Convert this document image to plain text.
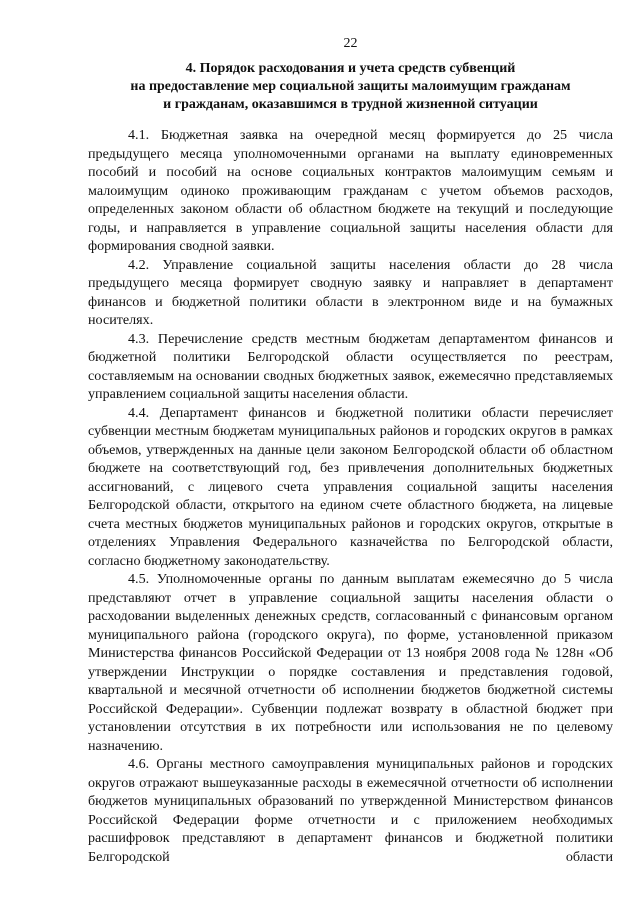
22
4. Порядок расходования и учета средств субвенций
на предоставление мер социальной защиты малоимущим гражданам
и гражданам, оказавшимся в трудной жизненной ситуации

4.1. Бюджетная заявка на очередной месяц формируется до 25 числа предыдущего месяца уполномоченными органами на выплату единовременных пособий и пособий на основе социальных контрактов малоимущим семьям и малоимущим одиноко проживающим гражданам с учетом объемов расходов, определенных законом области об областном бюджете на текущий и последующие годы, и направляется в управление социальной защиты населения области для формирования сводной заявки.

4.2. Управление социальной защиты населения области до 28 числа предыдущего месяца формирует сводную заявку и направляет в департамент финансов и бюджетной политики области в электронном виде и на бумажных носителях.

4.3. Перечисление средств местным бюджетам департаментом финансов и бюджетной политики Белгородской области осуществляется по реестрам, составляемым на основании сводных бюджетных заявок, ежемесячно представляемых управлением социальной защиты населения области.

4.4. Департамент финансов и бюджетной политики области перечисляет субвенции местным бюджетам муниципальных районов и городских округов в рамках объемов, утвержденных на данные цели законом Белгородской области об областном бюджете на соответствующий год, без привлечения дополнительных бюджетных ассигнований, с лицевого счета управления социальной защиты населения Белгородской области, открытого на едином счете областного бюджета, на лицевые счета местных бюджетов муниципальных районов и городских округов, открытые в отделениях Управления Федерального казначейства по Белгородской области, согласно бюджетному законодательству.

4.5. Уполномоченные органы по данным выплатам ежемесячно до 5 числа представляют отчет в управление социальной защиты населения области о расходовании выделенных денежных средств, согласованный с финансовым органом муниципального района (городского округа), по форме, установленной приказом Министерства финансов Российской Федерации от 13 ноября 2008 года № 128н «Об утверждении Инструкции о порядке составления и представления годовой, квартальной и месячной отчетности об исполнении бюджетов бюджетной системы Российской Федерации». Субвенции подлежат возврату в областной бюджет при установлении отсутствия в их потребности или использования не по целевому назначению.

4.6. Органы местного самоуправления муниципальных районов и городских округов отражают вышеуказанные расходы в ежемесячной отчетности об исполнении бюджетов муниципальных образований по утвержденной Министерством финансов Российской Федерации форме отчетности и с приложением необходимых расшифровок представляют в департамент финансов и бюджетной политики Белгородской области
